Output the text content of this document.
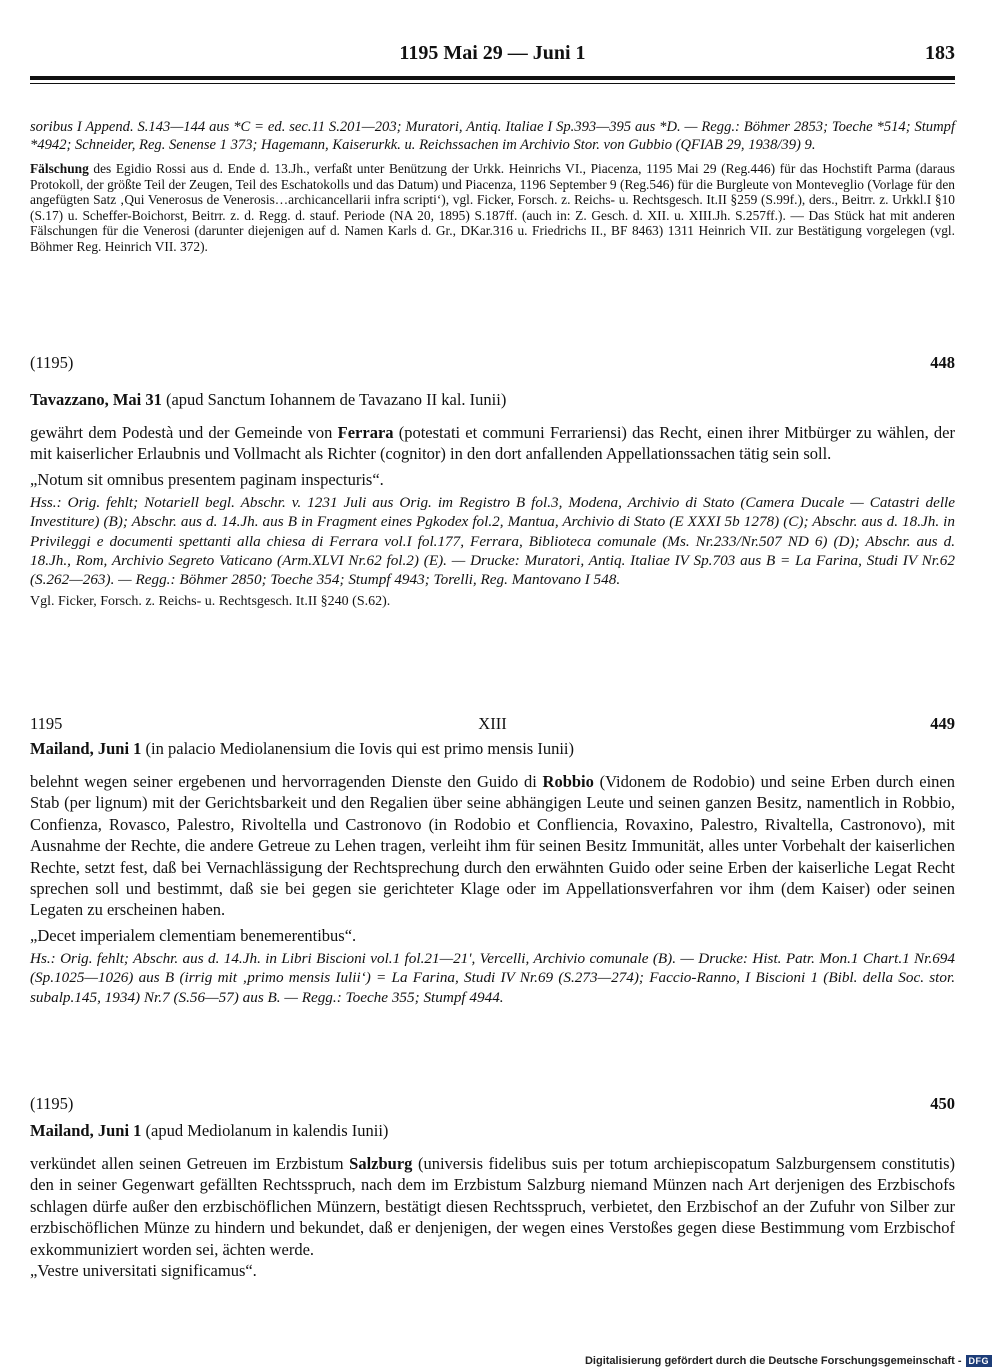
1195 Mai 29 — Juni 1	183

soribus I Append. S.143—144 aus *C = ed. sec.11 S.201—203; Muratori, Antiq. Italiae I Sp.393—395 aus *D. — Regg.: Böhmer 2853; Toeche *514; Stumpf *4942; Schneider, Reg. Senense 1 373; Hagemann, Kaiserurkk. u. Reichssachen im Archivio Stor. von Gubbio (QFIAB 29, 1938/39) 9.

Fälschung des Egidio Rossi aus d. Ende d. 13.Jh., verfaßt unter Benützung der Urkk. Heinrichs VI., Piacenza, 1195 Mai 29 (Reg.446) für das Hochstift Parma (daraus Protokoll, der größte Teil der Zeugen, Teil des Eschatokolls und das Datum) und Piacenza, 1196 September 9 (Reg.546) für die Burgleute von Monteveglio (Vorlage für den angefügten Satz ‚Qui Venerosus de Venerosis…archicancellarii infra scripti‘), vgl. Ficker, Forsch. z. Reichs- u. Rechtsgesch. It.II §259 (S.99f.), ders., Beitrr. z. Urkkl.I §10 (S.17) u. Scheffer-Boichorst, Beitrr. z. d. Regg. d. stauf. Periode (NA 20, 1895) S.187ff. (auch in: Z. Gesch. d. XII. u. XIII.Jh. S.257ff.). — Das Stück hat mit anderen Fälschungen für die Venerosi (darunter diejenigen auf d. Namen Karls d. Gr., DKar.316 u. Friedrichs II., BF 8463) 1311 Heinrich VII. zur Bestätigung vorgelegen (vgl. Böhmer Reg. Heinrich VII. 372).

(1195)	448

Tavazzano, Mai 31 (apud Sanctum Iohannem de Tavazano II kal. Iunii)

gewährt dem Podestà und der Gemeinde von Ferrara (potestati et communi Ferrariensi) das Recht, einen ihrer Mitbürger zu wählen, der mit kaiserlicher Erlaubnis und Vollmacht als Richter (cognitor) in den dort anfallenden Appellationssachen tätig sein soll.

„Notum sit omnibus presentem paginam inspecturis“.

Hss.: Orig. fehlt; Notariell begl. Abschr. v. 1231 Juli aus Orig. im Registro B fol.3, Modena, Archivio di Stato (Camera Ducale — Catastri delle Investiture) (B); Abschr. aus d. 14.Jh. aus B in Fragment eines Pgkodex fol.2, Mantua, Archivio di Stato (E XXXI 5b 1278) (C); Abschr. aus d. 18.Jh. in Privileggi e documenti spettanti alla chiesa di Ferrara vol.I fol.177, Ferrara, Biblioteca comunale (Ms. Nr.233/Nr.507 ND 6) (D); Abschr. aus d. 18.Jh., Rom, Archivio Segreto Vaticano (Arm.XLVI Nr.62 fol.2) (E). — Drucke: Muratori, Antiq. Italiae IV Sp.703 aus B = La Farina, Studi IV Nr.62 (S.262—263). — Regg.: Böhmer 2850; Toeche 354; Stumpf 4943; Torelli, Reg. Mantovano I 548.

Vgl. Ficker, Forsch. z. Reichs- u. Rechtsgesch. It.II §240 (S.62).

1195	XIII	449

Mailand, Juni 1 (in palacio Mediolanensium die Iovis qui est primo mensis Iunii)

belehnt wegen seiner ergebenen und hervorragenden Dienste den Guido di Robbio (Vidonem de Rodobio) und seine Erben durch einen Stab (per lignum) mit der Gerichtsbarkeit und den Regalien über seine abhängigen Leute und seinen ganzen Besitz, namentlich in Robbio, Confienza, Rovasco, Palestro, Rivoltella und Castronovo (in Rodobio et Confliencia, Rovaxino, Palestro, Rivaltella, Castronovo), mit Ausnahme der Rechte, die andere Getreue zu Lehen tragen, verleiht ihm für seinen Besitz Immunität, alles unter Vorbehalt der kaiserlichen Rechte, setzt fest, daß bei Vernachlässigung der Rechtsprechung durch den erwähnten Guido oder seine Erben der kaiserliche Legat Recht sprechen soll und bestimmt, daß sie bei gegen sie gerichteter Klage oder im Appellationsverfahren vor ihm (dem Kaiser) oder seinen Legaten zu erscheinen haben.

„Decet imperialem clementiam benemerentibus“.

Hs.: Orig. fehlt; Abschr. aus d. 14.Jh. in Libri Biscioni vol.1 fol.21—21', Vercelli, Archivio comunale (B). — Drucke: Hist. Patr. Mon.1 Chart.1 Nr.694 (Sp.1025—1026) aus B (irrig mit ‚primo mensis Iulii‘) = La Farina, Studi IV Nr.69 (S.273—274); Faccio-Ranno, I Biscioni 1 (Bibl. della Soc. stor. subalp.145, 1934) Nr.7 (S.56—57) aus B. — Regg.: Toeche 355; Stumpf 4944.

(1195)	450

Mailand, Juni 1 (apud Mediolanum in kalendis Iunii)

verkündet allen seinen Getreuen im Erzbistum Salzburg (universis fidelibus suis per totum archiepiscopatum Salzburgensem constitutis) den in seiner Gegenwart gefällten Rechtsspruch, nach dem im Erzbistum Salzburg niemand Münzen nach Art derjenigen des Erzbischofs schlagen dürfe außer den erzbischöflichen Münzern, bestätigt diesen Rechtsspruch, verbietet, den Erzbischof an der Zufuhr von Silber zur erzbischöflichen Münze zu hindern und bekundet, daß er denjenigen, der wegen eines Verstoßes gegen diese Bestimmung vom Erzbischof exkommuniziert worden sei, ächten werde.

„Vestre universitati significamus“.

Digitalisierung gefördert durch die Deutsche Forschungsgemeinschaft - DFG
